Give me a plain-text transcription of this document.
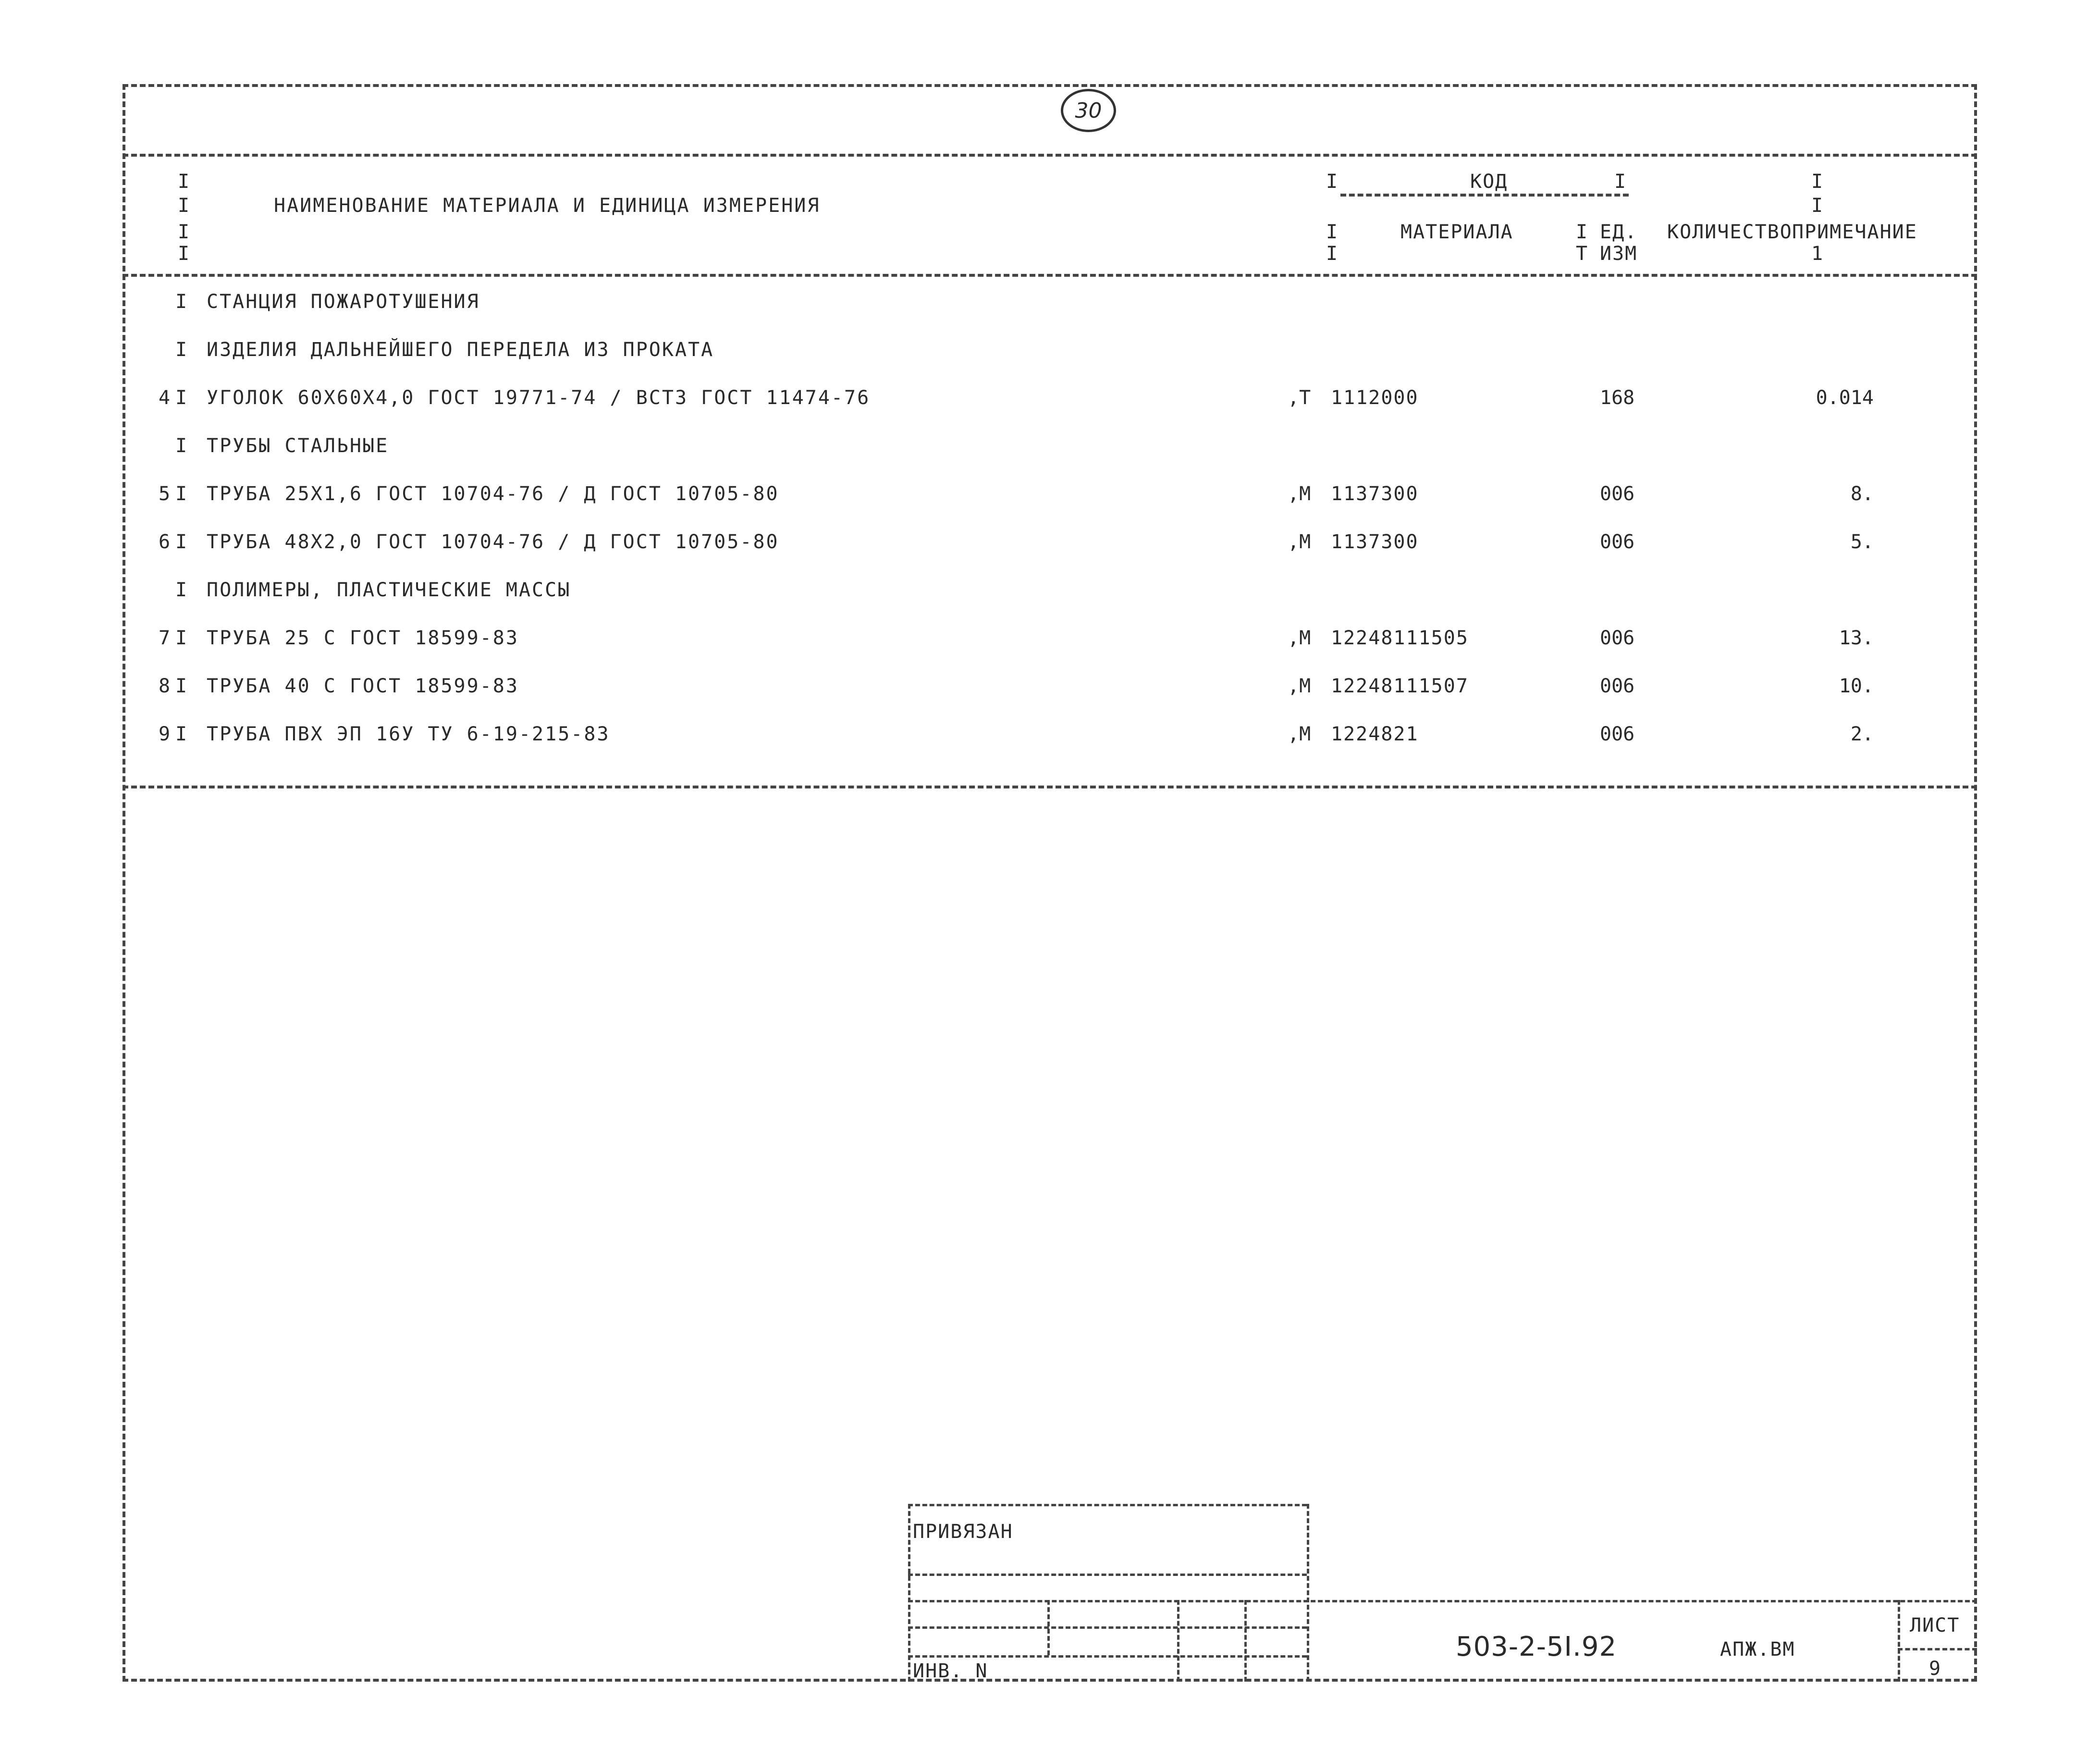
30
НАИМЕНОВАНИЕ МАТЕРИАЛА И ЕДИНИЦА ИЗМЕРЕНИЯ
КОД
МАТЕРИАЛА	ЕД.
ИЗМ
КОЛИЧЕСТВО ПРИМЕЧАНИЕ
I
I
I
I
I
I
I
I
T
I	I
I
1
I СТАНЦИЯ ПОЖАРОТУШЕНИЯ
I ИЗДЕЛИЯ ДАЛЬНЕЙШЕГО ПЕРЕДЕЛА ИЗ ПРОКАТА
4 I УГОЛОК 60Х60Х4,0 ГОСТ 19771-74 / ВСТ3 ГОСТ 11474-76	,Т 1112000	168	0.014
I ТРУБЫ СТАЛЬНЫЕ
5 I ТРУБА 25Х1,6 ГОСТ 10704-76 / Д ГОСТ 10705-80	,М 1137300	006	8.
6 I ТРУБА 48Х2,0 ГОСТ 10704-76 / Д ГОСТ 10705-80	,М 1137300	006	5.
I ПОЛИМЕРЫ, ПЛАСТИЧЕСКИЕ МАССЫ
7 I ТРУБА 25 С ГОСТ 18599-83	,М 12248111505	006	13.
8 I ТРУБА 40 С ГОСТ 18599-83	,М 12248111507	006	10.
9 I ТРУБА ПВХ ЭП 16У ТУ 6-19-215-83	,М 1224821	006	2.
ПРИВЯЗАН
ИНВ. N
503-2-5I.92	АПЖ.ВМ
ЛИСТ
9
